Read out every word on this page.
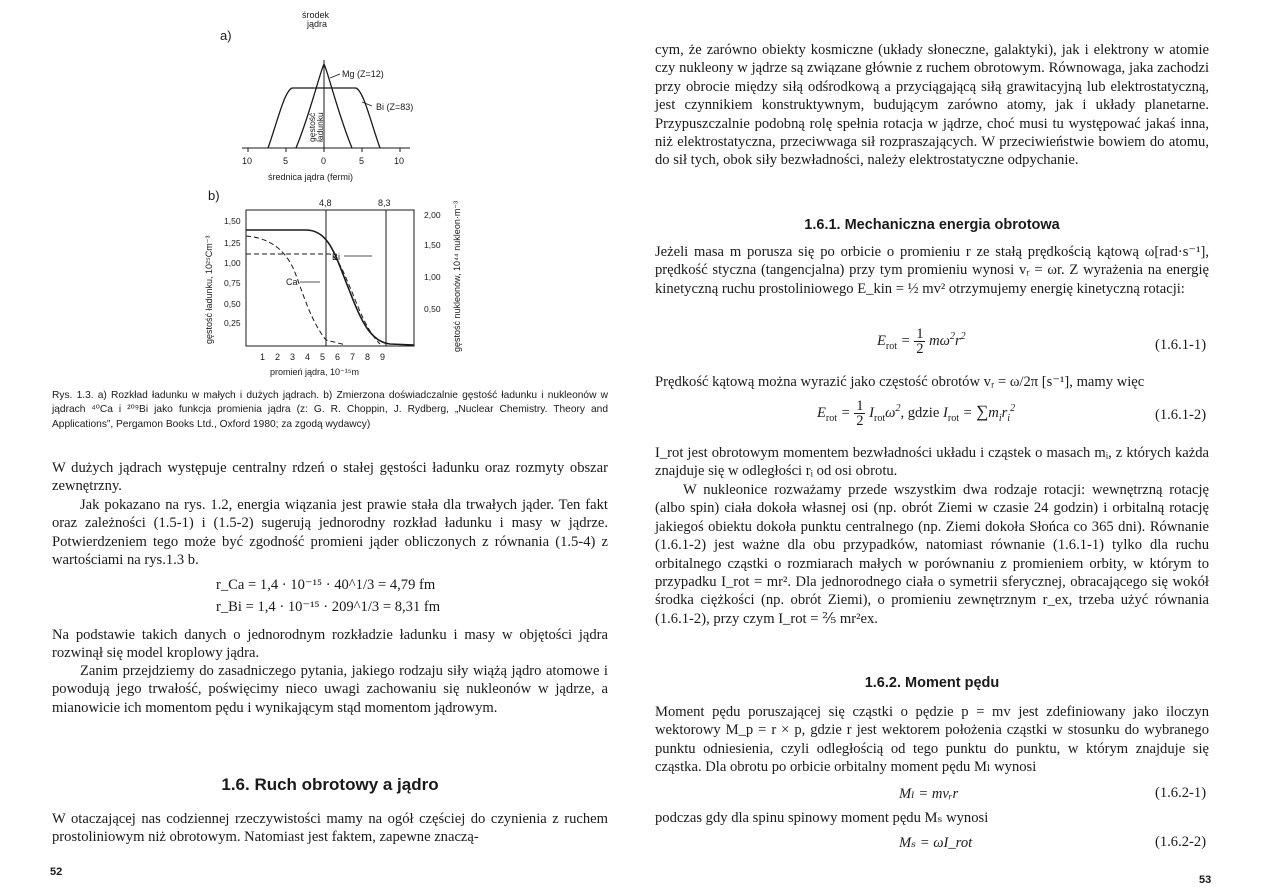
a)
środek
jądra
Mg (Z=12)
Bi (Z=83)
gęstość
ładunku
10	5	0	5	10
średnica jądra (fermi)
b)	4,8	8,3
1,50
1,25
1,00
0,75
0,50
0,25
2,00
1,50
1,00
0,50
Bi
Ca
1 2 3 4 5 6 7 8 9
promień jądra, 10⁻¹⁵m
gęstość ładunku, 10²⁵Cm⁻³	gęstość nukleonów, 10⁴⁴ nukleon·m⁻³
Rys. 1.3. a) Rozkład ładunku w małych i dużych jądrach. b) Zmierzona doświadczalnie gęstość ładunku i nukleonów w jądrach ⁴⁰Ca i ²⁰⁹Bi jako funkcja promienia jądra (z: G. R. Choppin, J. Rydberg, „Nuclear Chemistry. Theory and Applications”, Pergamon Books Ltd., Oxford 1980; za zgodą wydawcy)
W dużych jądrach występuje centralny rdzeń o stałej gęstości ładunku oraz rozmyty obszar zewnętrzny.
Jak pokazano na rys. 1.2, energia wiązania jest prawie stała dla trwałych jąder. Ten fakt oraz zależności (1.5-1) i (1.5-2) sugerują jednorodny rozkład ładunku i masy w jądrze. Potwierdzeniem tego może być zgodność promieni jąder obliczonych z równania (1.5-4) z wartościami na rys.1.3 b.
r_Ca = 1,4 · 10⁻¹⁵ · 40^1/3 = 4,79 fm
r_Bi = 1,4 · 10⁻¹⁵ · 209^1/3 = 8,31 fm
Na podstawie takich danych o jednorodnym rozkładzie ładunku i masy w objętości jądra rozwinął się model kroplowy jądra.
Zanim przejdziemy do zasadniczego pytania, jakiego rodzaju siły wiążą jądro atomowe i powodują jego trwałość, poświęcimy nieco uwagi zachowaniu się nukleonów w jądrze, a mianowicie ich momentom pędu i wynikającym stąd momentom jądrowym.
1.6. Ruch obrotowy a jądro
W otaczającej nas codziennej rzeczywistości mamy na ogół częściej do czynienia z ruchem prostoliniowym niż obrotowym. Natomiast jest faktem, zapewne znaczą-
52
cym, że zarówno obiekty kosmiczne (układy słoneczne, galaktyki), jak i elektrony w atomie czy nukleony w jądrze są związane głównie z ruchem obrotowym. Równowaga, jaka zachodzi przy obrocie między siłą odśrodkową a przyciągającą siłą grawitacyjną lub elektrostatyczną, jest czynnikiem konstruktywnym, budującym zarówno atomy, jak i układy planetarne. Przypuszczalnie podobną rolę spełnia rotacja w jądrze, choć musi tu występować jakaś inna, niż elektrostatyczna, przeciwwaga sił rozpraszających. W przeciwieństwie bowiem do atomu, do sił tych, obok siły bezwładności, należy elektrostatyczne odpychanie.
1.6.1. Mechaniczna energia obrotowa
Jeżeli masa m porusza się po orbicie o promieniu r ze stałą prędkością kątową ω[rad·s⁻¹], prędkość styczna (tangencjalna) przy tym promieniu wynosi vᵣ = ωr. Z wyrażenia na energię kinetyczną ruchu prostoliniowego E_kin = ½ mv² otrzymujemy energię kinetyczną rotacji:
$E_{rot} = \frac{1}{2} m\omega^2r^2$
(1.6.1-1)
Prędkość kątową można wyrazić jako częstość obrotów vᵣ = ω/2π [s⁻¹], mamy więc
$E_{rot} = \frac{1}{2} I_{rot}\omega^2$, gdzie $I_{rot} = \sum m_ir_i^2$	(1.6.1-2)
I_rot jest obrotowym momentem bezwładności układu i cząstek o masach mᵢ, z których każda znajduje się w odległości rᵢ od osi obrotu.
W nukleonice rozważamy przede wszystkim dwa rodzaje rotacji: wewnętrzną rotację (albo spin) ciała dokoła własnej osi (np. obrót Ziemi w czasie 24 godzin) i orbitalną rotację jakiegoś obiektu dokoła punktu centralnego (np. Ziemi dokoła Słońca co 365 dni). Równanie (1.6.1-2) jest ważne dla obu przypadków, natomiast równanie (1.6.1-1) tylko dla ruchu orbitalnego cząstki o rozmiarach małych w porównaniu z promieniem orbity, w którym to przypadku I_rot = mr². Dla jednorodnego ciała o symetrii sferycznej, obracającego się wokół środka ciężkości (np. obrót Ziemi), o promieniu zewnętrznym r_ex, trzeba użyć równania (1.6.1-2), przy czym I_rot = ⅖ mr²ex.
1.6.2. Moment pędu
Moment pędu poruszającej się cząstki o pędzie p = mv jest zdefiniowany jako iloczyn wektorowy M_p = r × p, gdzie r jest wektorem położenia cząstki w stosunku do wybranego punktu odniesienia, czyli odległością od tego punktu do punktu, w którym znajduje się cząstka. Dla obrotu po orbicie orbitalny moment pędu Mₗ wynosi
Mₗ = mvᵣr	(1.6.2-1)
podczas gdy dla spinu spinowy moment pędu Mₛ wynosi
Mₛ = ωI_rot	(1.6.2-2)
53
